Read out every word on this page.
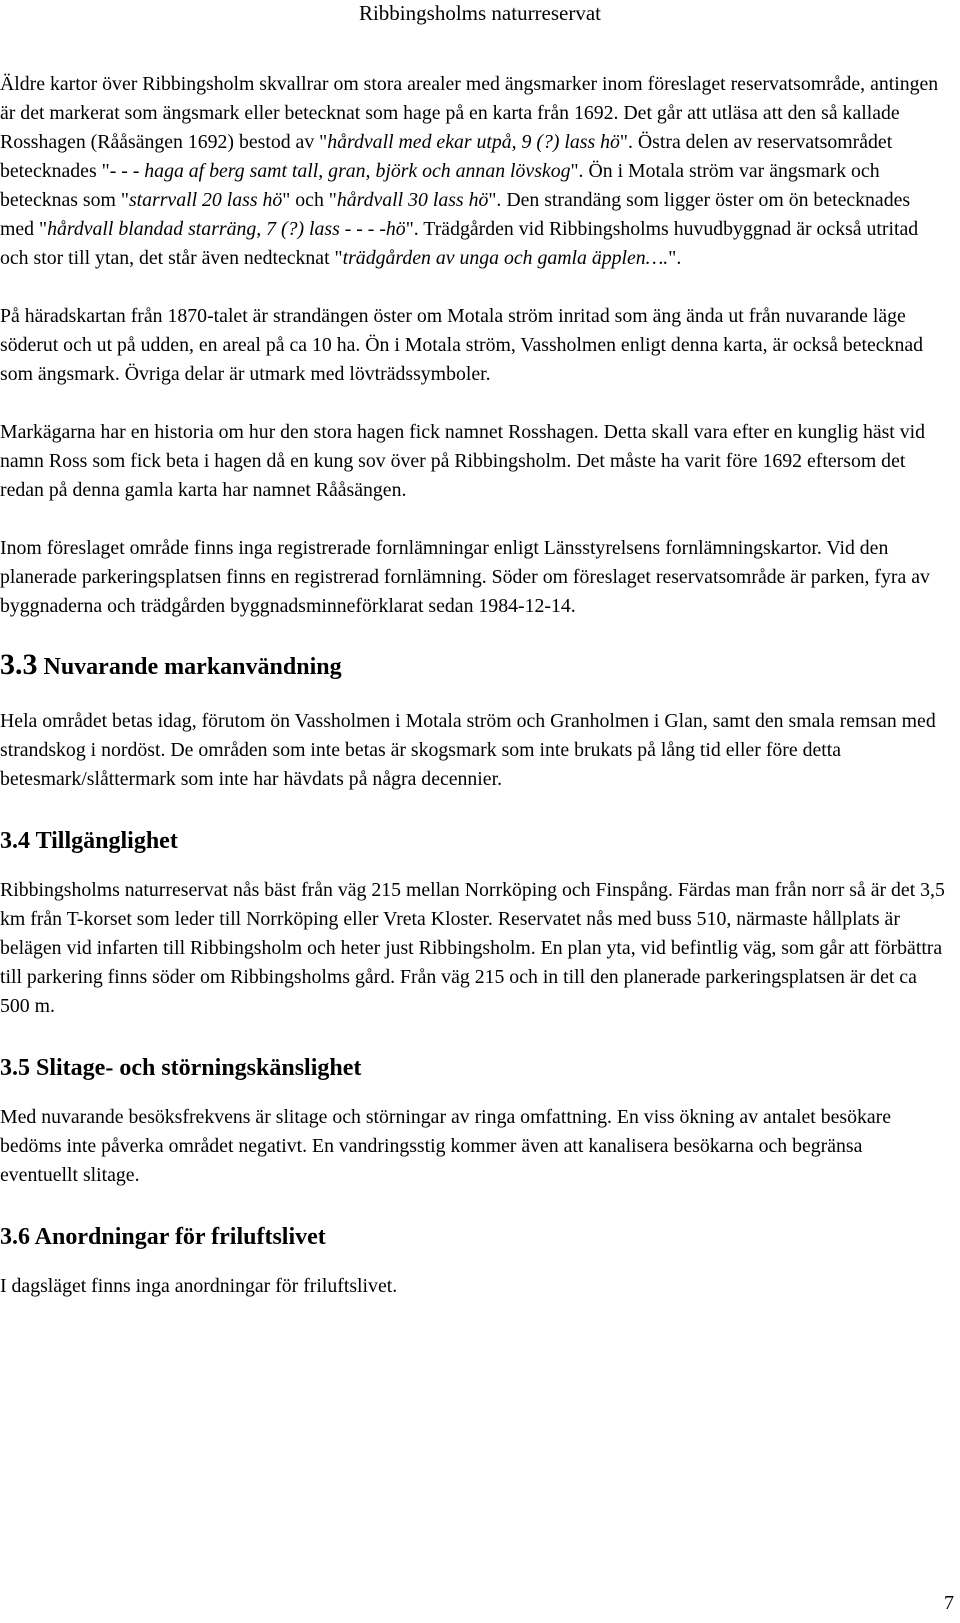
Ribbingsholms naturreservat

Äldre kartor över Ribbingsholm skvallrar om stora arealer med ängsmarker inom föreslaget reservatsområde, antingen är det markerat som ängsmark eller betecknat som hage på en karta från 1692. Det går att utläsa att den så kallade Rosshagen (Rååsängen 1692) bestod av "hårdvall med ekar utpå, 9 (?) lass hö". Östra delen av reservatsområdet betecknades "- - - haga af berg samt tall, gran, björk och annan lövskog". Ön i Motala ström var ängsmark och betecknas som "starrvall 20 lass hö" och "hårdvall 30 lass hö". Den strandäng som ligger öster om ön betecknades med "hårdvall blandad starräng, 7 (?) lass - - - -hö". Trädgården vid Ribbingsholms huvudbyggnad är också utritad och stor till ytan, det står även nedtecknat "trädgården av unga och gamla äpplen….".

På häradskartan från 1870-talet är strandängen öster om Motala ström inritad som äng ända ut från nuvarande läge söderut och ut på udden, en areal på ca 10 ha. Ön i Motala ström, Vassholmen enligt denna karta, är också betecknad som ängsmark. Övriga delar är utmark med lövträdssymboler.

Markägarna har en historia om hur den stora hagen fick namnet Rosshagen. Detta skall vara efter en kunglig häst vid namn Ross som fick beta i hagen då en kung sov över på Ribbingsholm. Det måste ha varit före 1692 eftersom det redan på denna gamla karta har namnet Rååsängen.

Inom föreslaget område finns inga registrerade fornlämningar enligt Länsstyrelsens fornlämningskartor. Vid den planerade parkeringsplatsen finns en registrerad fornlämning. Söder om föreslaget reservatsområde är parken, fyra av byggnaderna och trädgården byggnadsminneförklarat sedan 1984-12-14.

3.3 Nuvarande markanvändning

Hela området betas idag, förutom ön Vassholmen i Motala ström och Granholmen i Glan, samt den smala remsan med strandskog i nordöst. De områden som inte betas är skogsmark som inte brukats på lång tid eller före detta betesmark/slåttermark som inte har hävdats på några decennier.

3.4 Tillgänglighet

Ribbingsholms naturreservat nås bäst från väg 215 mellan Norrköping och Finspång. Färdas man från norr så är det 3,5 km från T-korset som leder till Norrköping eller Vreta Kloster. Reservatet nås med buss 510, närmaste hållplats är belägen vid infarten till Ribbingsholm och heter just Ribbingsholm. En plan yta, vid befintlig väg, som går att förbättra till parkering finns söder om Ribbingsholms gård. Från väg 215 och in till den planerade parkeringsplatsen är det ca 500 m.

3.5 Slitage- och störningskänslighet

Med nuvarande besöksfrekvens är slitage och störningar av ringa omfattning. En viss ökning av antalet besökare bedöms inte påverka området negativt. En vandringsstig kommer även att kanalisera besökarna och begränsa eventuellt slitage.

3.6 Anordningar för friluftslivet

I dagsläget finns inga anordningar för friluftslivet.

7
